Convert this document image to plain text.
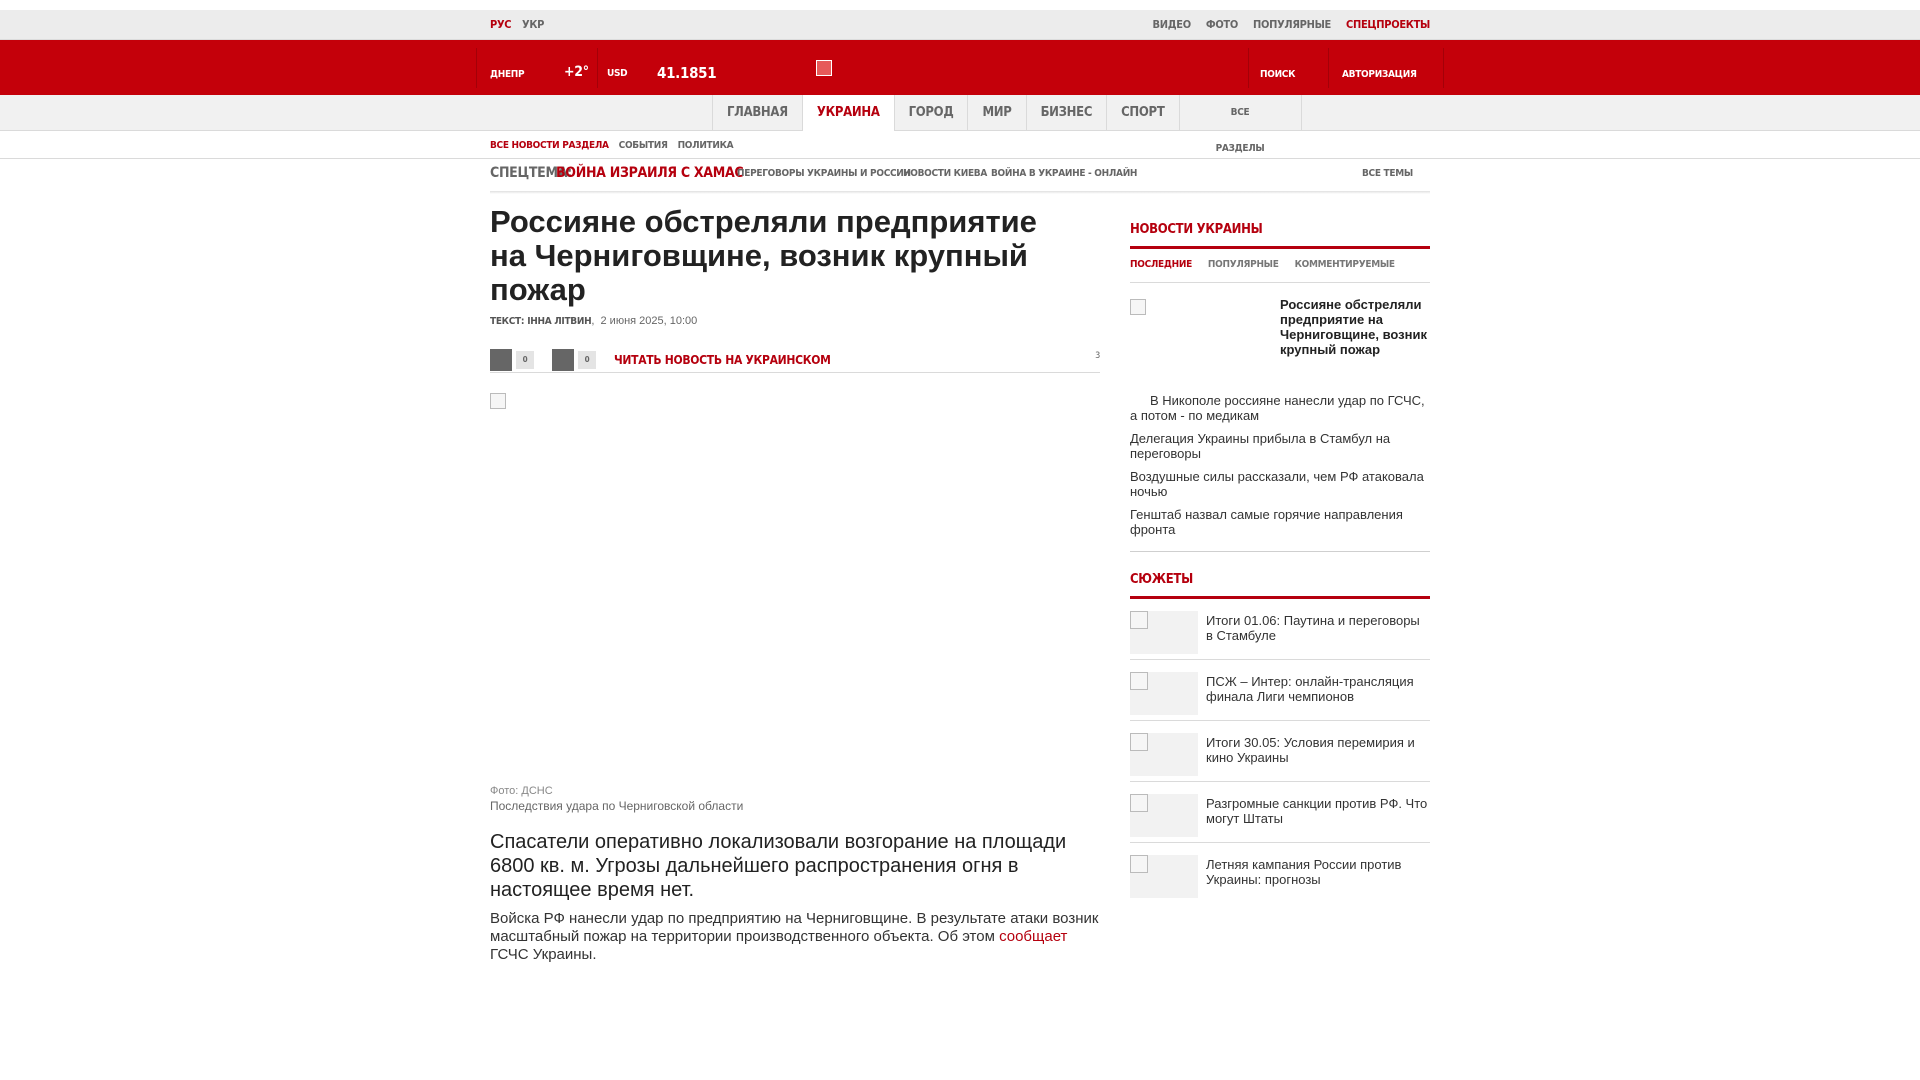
РУС УКР	ВИДЕО ФОТО ПОПУЛЯРНЫЕ СПЕЦПРОЕКТЫ
ДНЕПР	+2° USD 41.1851	ПОИСК	АВТОРИЗАЦИЯ
ГЛАВНАЯ	УКРАИНА	ГОРОД	МИР	БИЗНЕС	СПОРТ	ВСЕ РАЗДЕЛЫ
ВСЕ НОВОСТИ РАЗДЕЛА СОБЫТИЯ ПОЛИТИКА
СПЕЦТЕМА:
ВОЙНА ИЗРАИЛЯ С ХАМАС
ПЕРЕГОВОРЫ УКРАИНЫ И РОССИИ
НОВОСТИ КИЕВА ВОЙНА В УКРАИНЕ - ОНЛАЙН	ВСЕ ТЕМЫ
Россияне обстреляли предприятие на Черниговщине, возник крупный пожар
ТЕКСТ: ІННА ЛІТВИН,  2 июня 2025, 10:00
0	0	ЧИТАТЬ НОВОСТЬ НА УКРАИНСКОМ	3
Фото: ДСНС
Последствия удара по Черниговской области

Спасатели оперативно локализовали возгорание на площади 6800 кв. м. Угрозы дальнейшего распространения огня в настоящее время нет.

Войска РФ нанесли удар по предприятию на Черниговщине. В результате атаки возник масштабный пожар на территории производственного объекта. Об этом сообщает ГСЧС Украины.

НОВОСТИ УКРАИНЫ
ПОСЛЕДНИЕ ПОПУЛЯРНЫЕ КОММЕНТИРУЕМЫЕ
Россияне обстреляли предприятие на Черниговщине, возник крупный пожар
В Никополе россияне нанесли удар по ГСЧС, а потом - по медикам
Делегация Украины прибыла в Стамбул на переговоры
Воздушные силы рассказали, чем РФ атаковала ночью
Генштаб назвал самые горячие направления фронта
СЮЖЕТЫ
Итоги 01.06: Паутина и переговоры в Стамбуле
ПСЖ – Интер: онлайн-трансляция финала Лиги чемпионов
Итоги 30.05: Условия перемирия и кино Украины
Разгромные санкции против РФ. Что могут Штаты
Летняя кампания России против Украины: прогнозы
